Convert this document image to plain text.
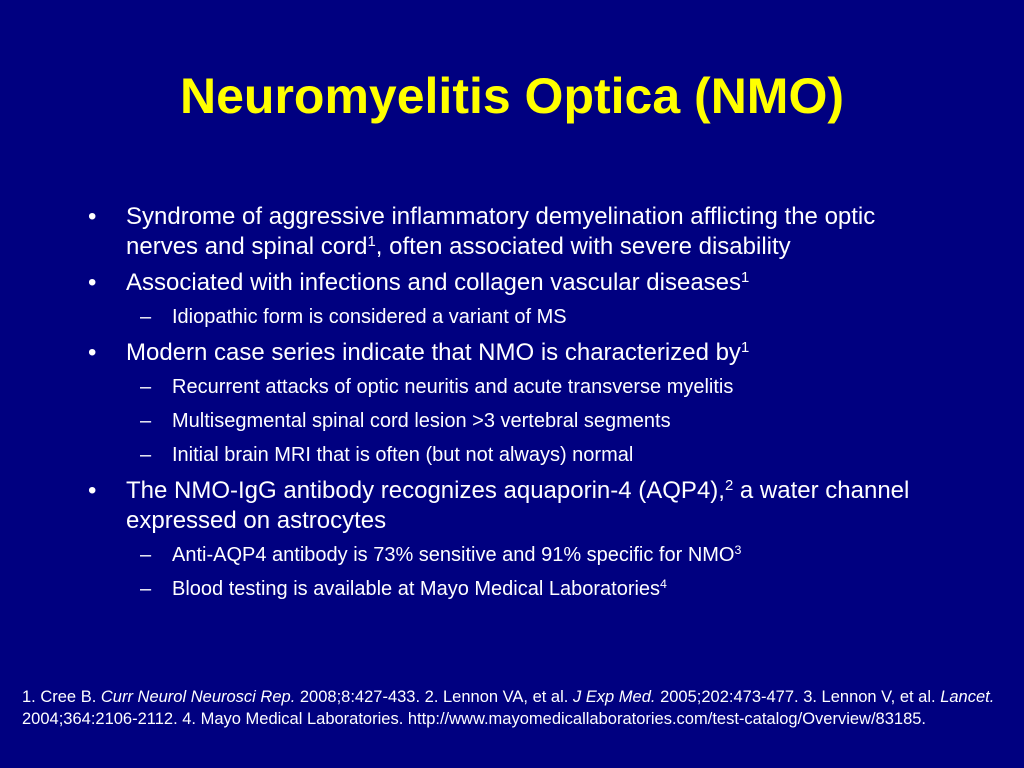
Neuromyelitis Optica (NMO)
•	Syndrome of aggressive inflammatory demyelination afflicting the optic nerves and spinal cord$^1$, often associated with severe disability
•	Associated with infections and collagen vascular diseases$^1$
–	Idiopathic form is considered a variant of MS
•	Modern case series indicate that NMO is characterized $by^1$
–	Recurrent attacks of optic neuritis and acute transverse myelitis
–	Multisegmental spinal cord lesion >3 vertebral segments
–	Initial brain MRI that is often (but not always) normal
•	The NMO-IgG antibody recognizes aquaporin-4 (AQP4),$^2$ a water channel expressed on astrocytes
–	Anti-AQP4 antibody is 73% sensitive and 91% specific for NMO$^3$
–	Blood testing is available at Mayo Medical Laboratories$^4$
1. Cree B. Curr Neurol Neurosci Rep. 2008;8:427-433. 2. Lennon VA, et al. J Exp Med. 2005;202:473-477. 3. Lennon V, et al. Lancet. 2004;364:2106-2112. 4. Mayo Medical Laboratories. http://www.mayomedicallaboratories.com/test-catalog/Overview/83185.
